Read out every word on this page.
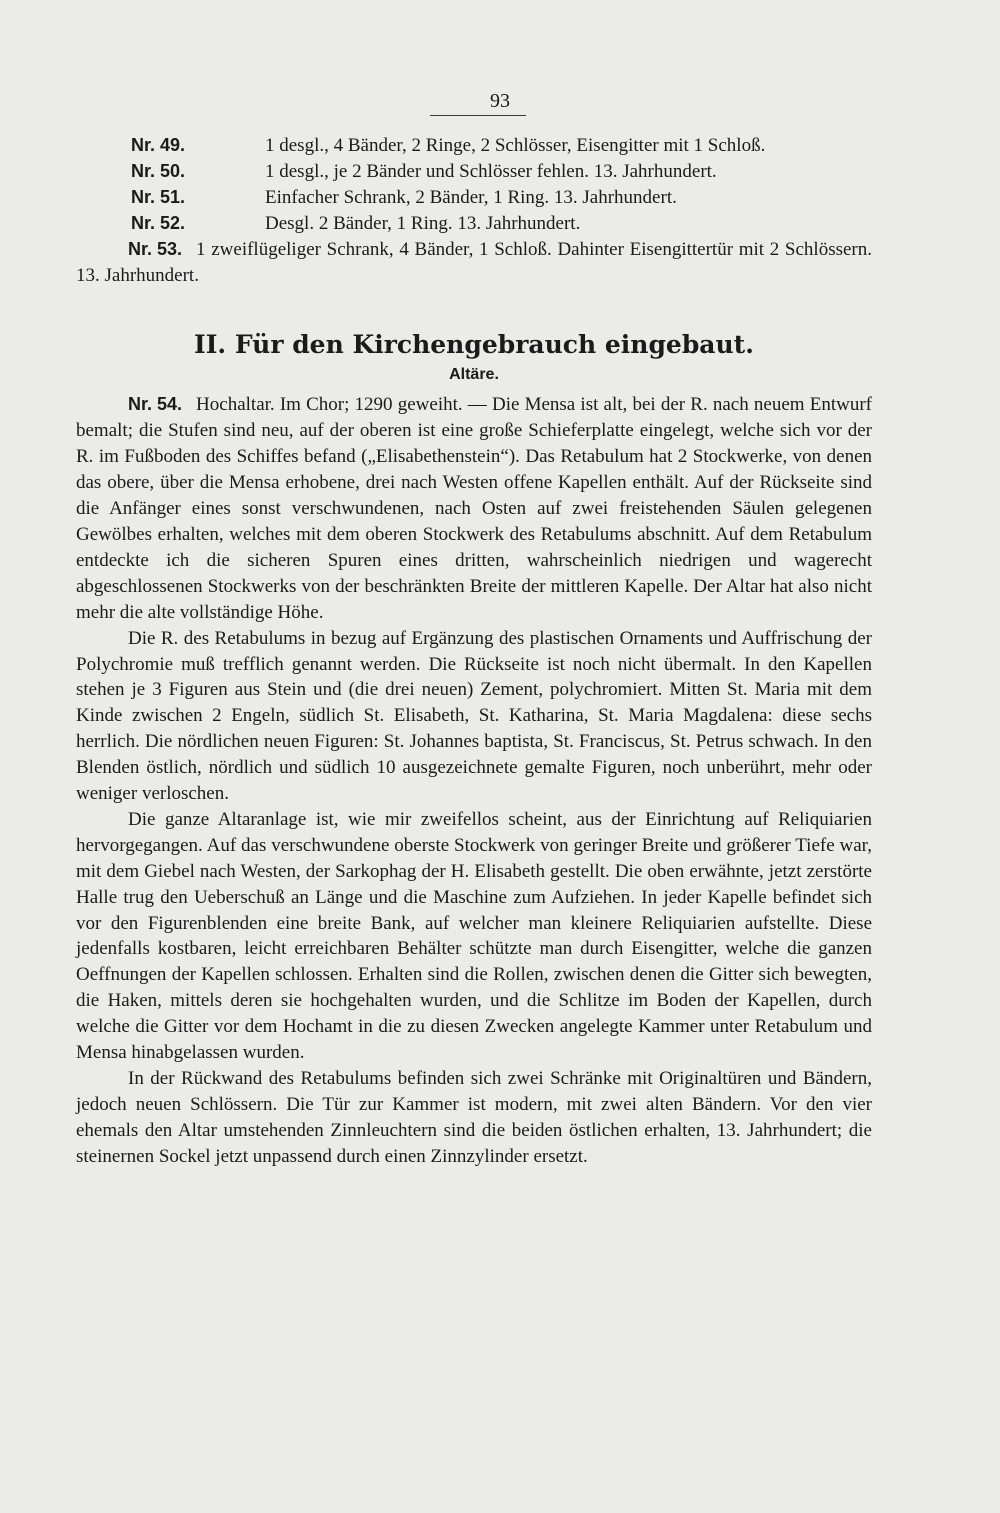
93
Nr. 49.	1 desgl., 4 Bänder, 2 Ringe, 2 Schlösser, Eisengitter mit 1 Schloß.
Nr. 50.	1 desgl., je 2 Bänder und Schlösser fehlen. 13. Jahrhundert.
Nr. 51.	Einfacher Schrank, 2 Bänder, 1 Ring. 13. Jahrhundert.
Nr. 52.	Desgl. 2 Bänder, 1 Ring. 13. Jahrhundert.

Nr. 53. 1 zweiflügeliger Schrank, 4 Bänder, 1 Schloß. Dahinter Eisengittertür mit 2 Schlössern. 13. Jahrhundert.

II. Für den Kirchengebrauch eingebaut.
Altäre.

Nr. 54. Hochaltar. Im Chor; 1290 geweiht. — Die Mensa ist alt, bei der R. nach neuem Entwurf bemalt; die Stufen sind neu, auf der oberen ist eine große Schieferplatte eingelegt, welche sich vor der R. im Fußboden des Schiffes befand („Elisabethenstein“). Das Retabulum hat 2 Stockwerke, von denen das obere, über die Mensa erhobene, drei nach Westen offene Kapellen enthält. Auf der Rückseite sind die Anfänger eines sonst verschwundenen, nach Osten auf zwei freistehenden Säulen gelegenen Gewölbes erhalten, welches mit dem oberen Stockwerk des Retabulums abschnitt. Auf dem Retabulum entdeckte ich die sicheren Spuren eines dritten, wahrscheinlich niedrigen und wagerecht abgeschlossenen Stockwerks von der beschränkten Breite der mittleren Kapelle. Der Altar hat also nicht mehr die alte vollständige Höhe.

Die R. des Retabulums in bezug auf Ergänzung des plastischen Ornaments und Auffrischung der Polychromie muß trefflich genannt werden. Die Rückseite ist noch nicht übermalt. In den Kapellen stehen je 3 Figuren aus Stein und (die drei neuen) Zement, polychromiert. Mitten St. Maria mit dem Kinde zwischen 2 Engeln, südlich St. Elisabeth, St. Katharina, St. Maria Magdalena: diese sechs herrlich. Die nördlichen neuen Figuren: St. Johannes baptista, St. Franciscus, St. Petrus schwach. In den Blenden östlich, nördlich und südlich 10 ausgezeichnete gemalte Figuren, noch unberührt, mehr oder weniger verloschen.

Die ganze Altaranlage ist, wie mir zweifellos scheint, aus der Einrichtung auf Reliquiarien hervorgegangen. Auf das verschwundene oberste Stockwerk von geringer Breite und größerer Tiefe war, mit dem Giebel nach Westen, der Sarkophag der H. Elisabeth gestellt. Die oben erwähnte, jetzt zerstörte Halle trug den Ueberschuß an Länge und die Maschine zum Aufziehen. In jeder Kapelle befindet sich vor den Figurenblenden eine breite Bank, auf welcher man kleinere Reliquiarien aufstellte. Diese jedenfalls kostbaren, leicht erreichbaren Behälter schützte man durch Eisengitter, welche die ganzen Oeffnungen der Kapellen schlossen. Erhalten sind die Rollen, zwischen denen die Gitter sich bewegten, die Haken, mittels deren sie hochgehalten wurden, und die Schlitze im Boden der Kapellen, durch welche die Gitter vor dem Hochamt in die zu diesen Zwecken angelegte Kammer unter Retabulum und Mensa hinabgelassen wurden.

In der Rückwand des Retabulums befinden sich zwei Schränke mit Originaltüren und Bändern, jedoch neuen Schlössern. Die Tür zur Kammer ist modern, mit zwei alten Bändern. Vor den vier ehemals den Altar umstehenden Zinnleuchtern sind die beiden östlichen erhalten, 13. Jahrhundert; die steinernen Sockel jetzt unpassend durch einen Zinnzylinder ersetzt.
